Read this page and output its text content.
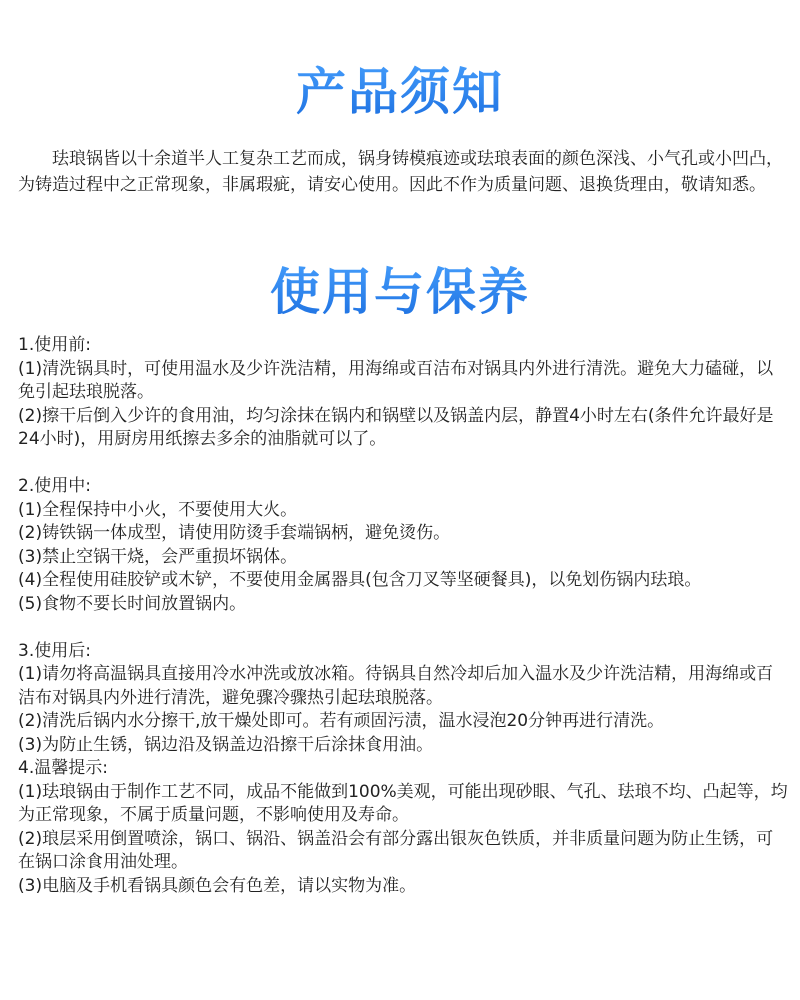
产品须知

珐琅锅皆以十余道半人工复杂工艺而成，锅身铸模痕迹或珐琅表面的颜色深浅、小气孔或小凹凸，为铸造过程中之正常现象，非属瑕疵，请安心使用。因此不作为质量问题、退换货理由，敬请知悉。

使用与保养
1.使用前:
(1)清洗锅具时，可使用温水及少许洗洁精，用海绵或百洁布对锅具内外进行清洗。避免大力磕碰，以免引起珐琅脱落。
(2)擦干后倒入少许的食用油，均匀涂抹在锅内和锅壁以及锅盖内层，静置4小时左右(条件允许最好是24小时)，用厨房用纸擦去多余的油脂就可以了。
2.使用中:
(1)全程保持中小火，不要使用大火。
(2)铸铁锅一体成型，请使用防烫手套端锅柄，避免烫伤。
(3)禁止空锅干烧，会严重损坏锅体。
(4)全程使用硅胶铲或木铲，不要使用金属器具(包含刀叉等坚硬餐具)，以免划伤锅内珐琅。
(5)食物不要长时间放置锅内。
3.使用后:
(1)请勿将高温锅具直接用冷水冲洗或放冰箱。待锅具自然冷却后加入温水及少许洗洁精，用海绵或百洁布对锅具内外进行清洗，避免骤冷骤热引起珐琅脱落。
(2)清洗后锅内水分擦干,放干燥处即可。若有顽固污渍，温水浸泡20分钟再进行清洗。
(3)为防止生锈，锅边沿及锅盖边沿擦干后涂抹食用油。
4.温馨提示:
(1)珐琅锅由于制作工艺不同，成品不能做到100%美观，可能出现砂眼、气孔、珐琅不均、凸起等，均为正常现象，不属于质量问题，不影响使用及寿命。
(2)琅层采用倒置喷涂，锅口、锅沿、锅盖沿会有部分露出银灰色铁质，并非质量问题为防止生锈，可在锅口涂食用油处理。
(3)电脑及手机看锅具颜色会有色差，请以实物为准。
